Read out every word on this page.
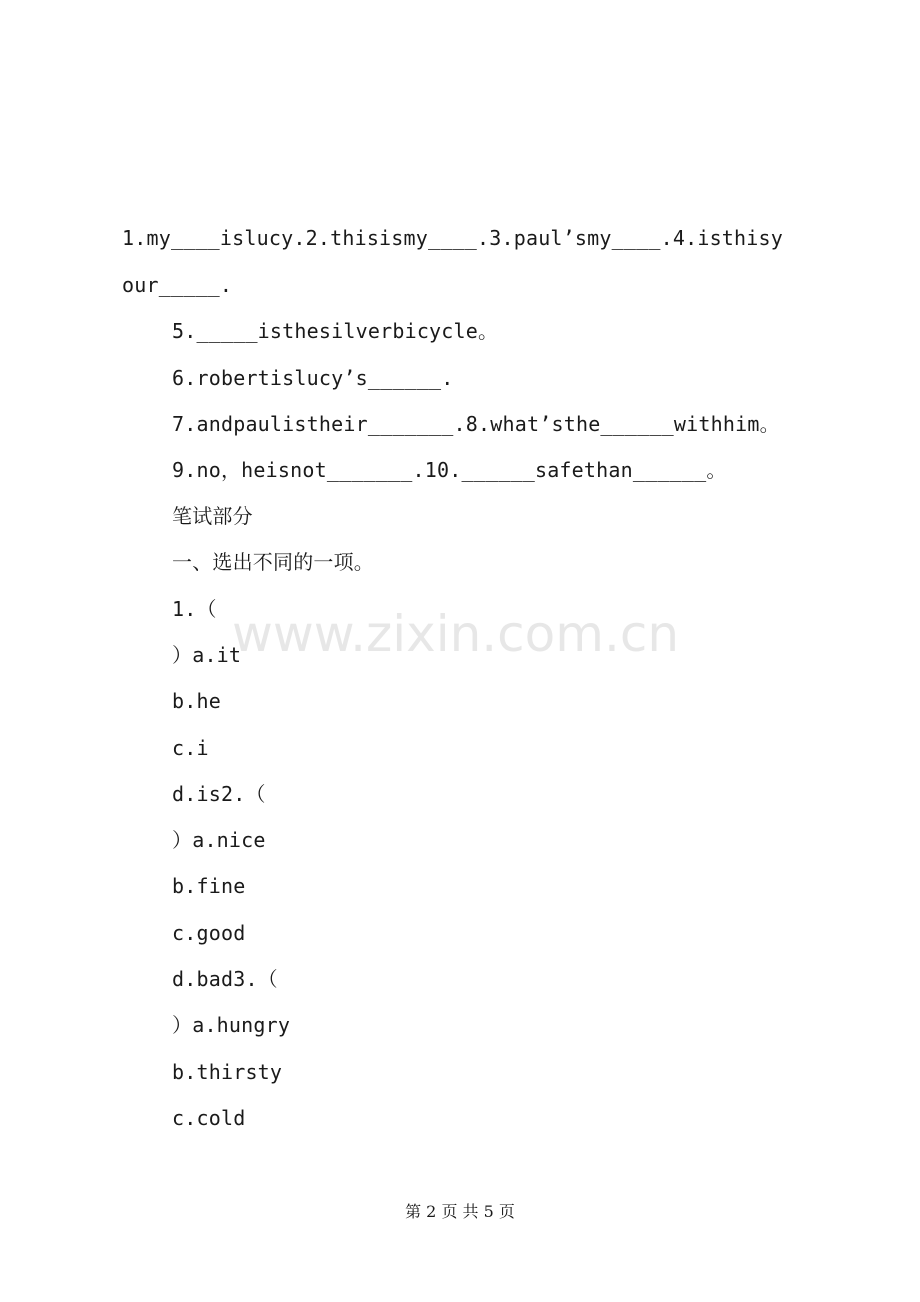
1.my____islucy.2.thisismy____.3.paul’smy____.4.isthisy
our_____.
5._____isthesilverbicycle。
6.robertislucy’s______.
7.andpaulistheir_______.8.what’sthe______withhim。
9.no，heisnot_______.10.______safethan______。
笔试部分
一、选出不同的一项。
1.（
）a.it
b.he
c.i
d.is2.（
）a.nice
b.fine
c.good
d.bad3.（
）a.hungry
b.thirsty
c.cold
www.zixin.com.cn
第 2 页 共 5 页
